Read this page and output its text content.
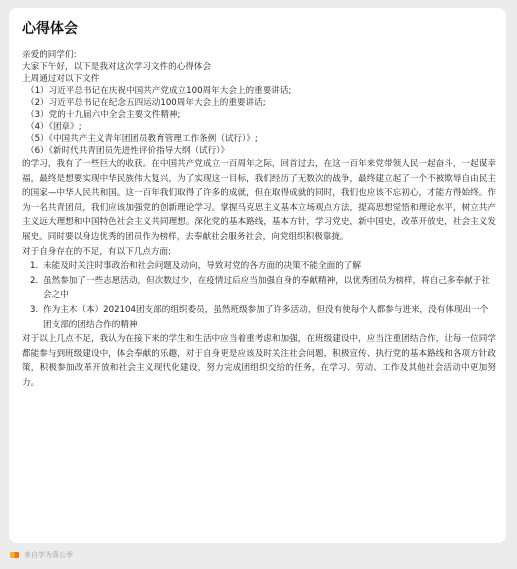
心得体会
亲爱的同学们:
大家下午好，以下是我对这次学习文件的心得体会
上周通过对以下文件
（1）习近平总书记在庆祝中国共产党成立100周年大会上的重要讲话;
（2）习近平总书记在纪念五四运动100周年大会上的重要讲话;
（3）党的十九届六中全会主要文件精神;
（4）《团章》;
（5）《中国共产主义青年团团员教育管理工作条例（试行）》;
（6）《新时代共青团员先进性评价指导大纲（试行）》

的学习，我有了一些巨大的收获。在中国共产党成立一百周年之际，回首过去，在这一百年来党带领人民一起奋斗，一起谋幸福，最终是想要实现中华民族伟大复兴，为了实现这一目标，我们经历了无数次的战争，最终建立起了一个不被欺辱自由民主的国家—中华人民共和国。这一百年我们取得了许多的成就，但在取得成就的同时，我们也应该不忘初心，才能方得始终。作为一名共青团员，我们应该加强党的创新理论学习。掌握马克思主义基本立场观点方法，提高思想觉悟和理论水平，树立共产主义远大理想和中国特色社会主义共同理想。深化党的基本路线，基本方针，学习党史，新中国史，改革开放史，社会主义发展史。同时要以身边优秀的团员作为榜样，去奉献社会服务社会，向党组织积极靠拢。

对于自身存在的不足，有以下几点方面:
1. 未能及时关注时事政治和社会问题及动向，导致对党的各方面的决策不能全面的了解
2. 虽然参加了一些志愿活动，但次数过少，在疫情过后应当加强自身的奉献精神，以优秀团员为榜样，将自己多奉献于社会之中
3. 作为主木（本）202104团支部的组织委员，虽然班级参加了许多活动，但没有使每个人都参与进来，没有体现出一个团支部的团结合作的精神

对于以上几点不足，我认为在接下来的学生和生活中应当着重考虑和加强，在班级建设中，应当注重团结合作，让每一位同学都能参与到班级建设中，体会奉献的乐趣，对于自身更是应该及时关注社会问题，积极宣传、执行党的基本路线和各项方针政策，积极参加改革开放和社会主义现代化建设，努力完成团组织交给的任务，在学习、劳动、工作及其他社会活动中更加努力。

来自学为喜公举
